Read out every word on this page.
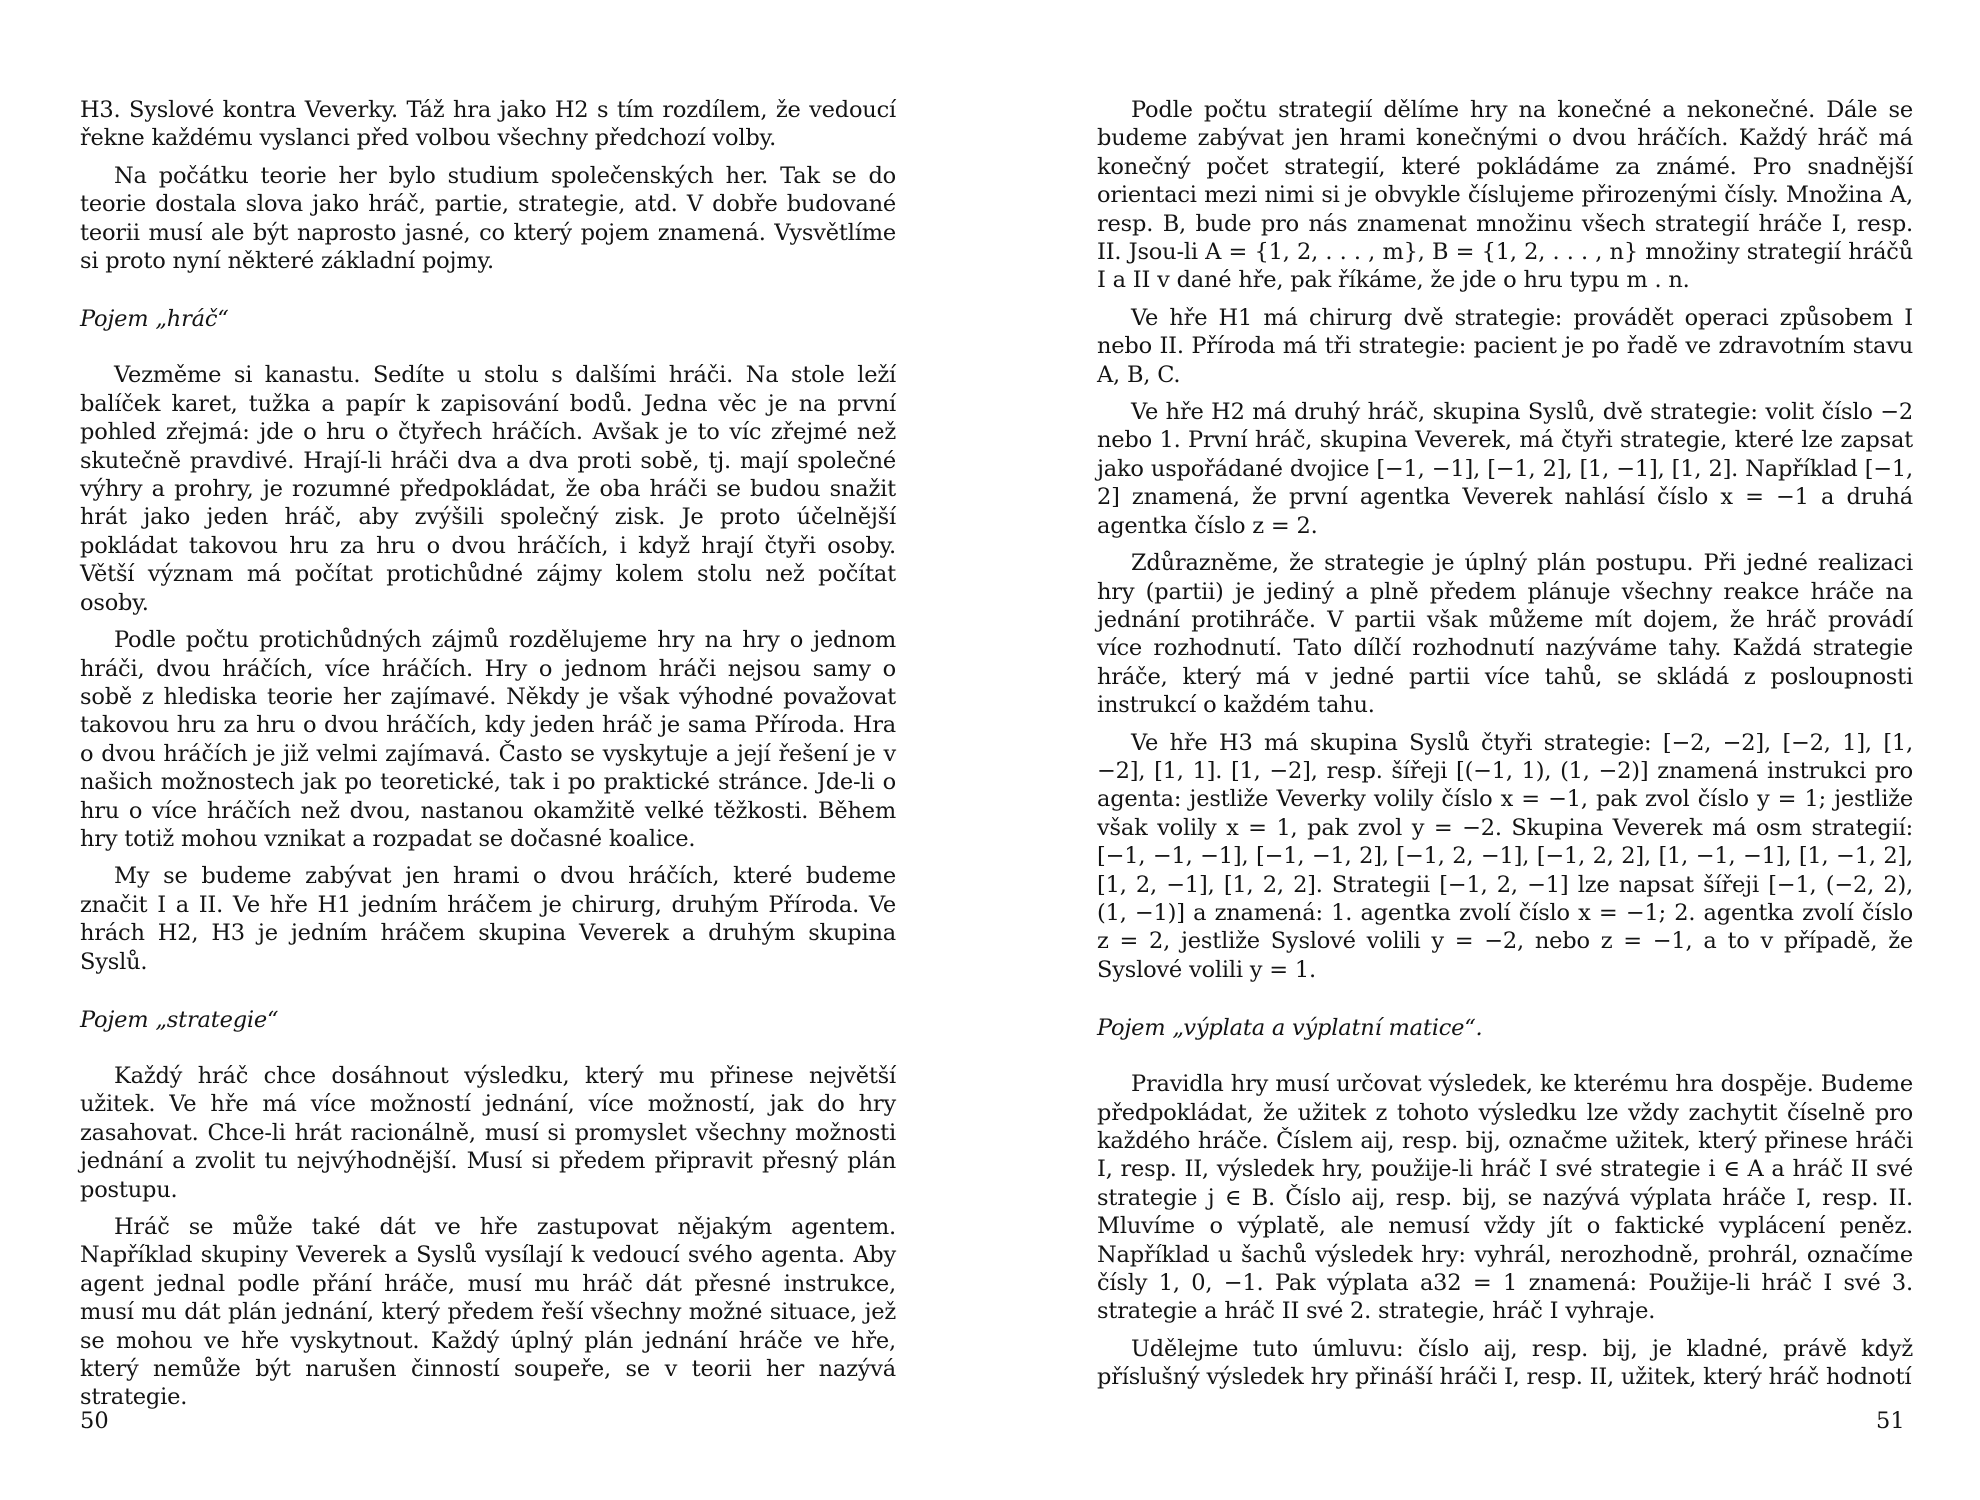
H3. Syslové kontra Veverky. Táž hra jako H2 s tím rozdílem, že vedoucí řekne každému vyslanci před volbou všechny předchozí volby.

Na počátku teorie her bylo studium společenských her. Tak se do teorie dostala slova jako hráč, partie, strategie, atd. V dobře budované teorii musí ale být naprosto jasné, co který pojem znamená. Vysvětlíme si proto nyní některé základní pojmy.

Pojem „hráč“

Vezměme si kanastu. Sedíte u stolu s dalšími hráči. Na stole leží balíček karet, tužka a papír k zapisování bodů. Jedna věc je na první pohled zřejmá: jde o hru o čtyřech hráčích. Avšak je to víc zřejmé než skutečně pravdivé. Hrají-li hráči dva a dva proti sobě, tj. mají společné výhry a prohry, je rozumné předpokládat, že oba hráči se budou snažit hrát jako jeden hráč, aby zvýšili společný zisk. Je proto účelnější pokládat takovou hru za hru o dvou hráčích, i když hrají čtyři osoby. Větší význam má počítat protichůdné zájmy kolem stolu než počítat osoby.

Podle počtu protichůdných zájmů rozdělujeme hry na hry o jednom hráči, dvou hráčích, více hráčích. Hry o jednom hráči nejsou samy o sobě z hlediska teorie her zajímavé. Někdy je však výhodné považovat takovou hru za hru o dvou hráčích, kdy jeden hráč je sama Příroda. Hra o dvou hráčích je již velmi zajímavá. Často se vyskytuje a její řešení je v našich možnostech jak po teoretické, tak i po praktické stránce. Jde-li o hru o více hráčích než dvou, nastanou okamžitě velké těžkosti. Během hry totiž mohou vznikat a rozpadat se dočasné koalice.

My se budeme zabývat jen hrami o dvou hráčích, které budeme značit I a II. Ve hře H1 jedním hráčem je chirurg, druhým Příroda. Ve hrách H2, H3 je jedním hráčem skupina Veverek a druhým skupina Syslů.

Pojem „strategie“

Každý hráč chce dosáhnout výsledku, který mu přinese největší užitek. Ve hře má více možností jednání, více možností, jak do hry zasahovat. Chce-li hrát racionálně, musí si promyslet všechny možnosti jednání a zvolit tu nejvýhodnější. Musí si předem připravit přesný plán postupu.

Hráč se může také dát ve hře zastupovat nějakým agentem. Například skupiny Veverek a Syslů vysílají k vedoucí svého agenta. Aby agent jednal podle přání hráče, musí mu hráč dát přesné instrukce, musí mu dát plán jednání, který předem řeší všechny možné situace, jež se mohou ve hře vyskytnout. Každý úplný plán jednání hráče ve hře, který nemůže být narušen činností soupeře, se v teorii her nazývá strategie.

Podle počtu strategií dělíme hry na konečné a nekonečné. Dále se budeme zabývat jen hrami konečnými o dvou hráčích. Každý hráč má konečný počet strategií, které pokládáme za známé. Pro snadnější orientaci mezi nimi si je obvykle číslujeme přirozenými čísly. Množina A, resp. B, bude pro nás znamenat množinu všech strategií hráče I, resp. II. Jsou-li A = {1, 2, . . . , m}, B = {1, 2, . . . , n} množiny strategií hráčů I a II v dané hře, pak říkáme, že jde o hru typu m . n.

Ve hře H1 má chirurg dvě strategie: provádět operaci způsobem I nebo II. Příroda má tři strategie: pacient je po řadě ve zdravotním stavu A, B, C.

Ve hře H2 má druhý hráč, skupina Syslů, dvě strategie: volit číslo −2 nebo 1. První hráč, skupina Veverek, má čtyři strategie, které lze zapsat jako uspořádané dvojice [−1, −1], [−1, 2], [1, −1], [1, 2]. Například [−1, 2] znamená, že první agentka Veverek nahlásí číslo x = −1 a druhá agentka číslo z = 2.

Zdůrazněme, že strategie je úplný plán postupu. Při jedné realizaci hry (partii) je jediný a plně předem plánuje všechny reakce hráče na jednání protihráče. V partii však můžeme mít dojem, že hráč provádí více rozhodnutí. Tato dílčí rozhodnutí nazýváme tahy. Každá strategie hráče, který má v jedné partii více tahů, se skládá z posloupnosti instrukcí o každém tahu.

Ve hře H3 má skupina Syslů čtyři strategie: [−2, −2], [−2, 1], [1, −2], [1, 1]. [1, −2], resp. šířeji [(−1, 1), (1, −2)] znamená instrukci pro agenta: jestliže Veverky volily číslo x = −1, pak zvol číslo y = 1; jestliže však volily x = 1, pak zvol y = −2. Skupina Veverek má osm strategií: [−1, −1, −1], [−1, −1, 2], [−1, 2, −1], [−1, 2, 2], [1, −1, −1], [1, −1, 2], [1, 2, −1], [1, 2, 2]. Strategii [−1, 2, −1] lze napsat šířeji [−1, (−2, 2), (1, −1)] a znamená: 1. agentka zvolí číslo x = −1; 2. agentka zvolí číslo z = 2, jestliže Syslové volili y = −2, nebo z = −1, a to v případě, že Syslové volili y = 1.

Pojem „výplata a výplatní matice“.

Pravidla hry musí určovat výsledek, ke kterému hra dospěje. Budeme předpokládat, že užitek z tohoto výsledku lze vždy zachytit číselně pro každého hráče. Číslem aij, resp. bij, označme užitek, který přinese hráči I, resp. II, výsledek hry, použije-li hráč I své strategie i ∈ A a hráč II své strategie j ∈ B. Číslo aij, resp. bij, se nazývá výplata hráče I, resp. II. Mluvíme o výplatě, ale nemusí vždy jít o faktické vyplácení peněz. Například u šachů výsledek hry: vyhrál, nerozhodně, prohrál, označíme čísly 1, 0, −1. Pak výplata a32 = 1 znamená: Použije-li hráč I své 3. strategie a hráč II své 2. strategie, hráč I vyhraje.

Udělejme tuto úmluvu: číslo aij, resp. bij, je kladné, právě když příslušný výsledek hry přináší hráči I, resp. II, užitek, který hráč hodnotí

50	51
